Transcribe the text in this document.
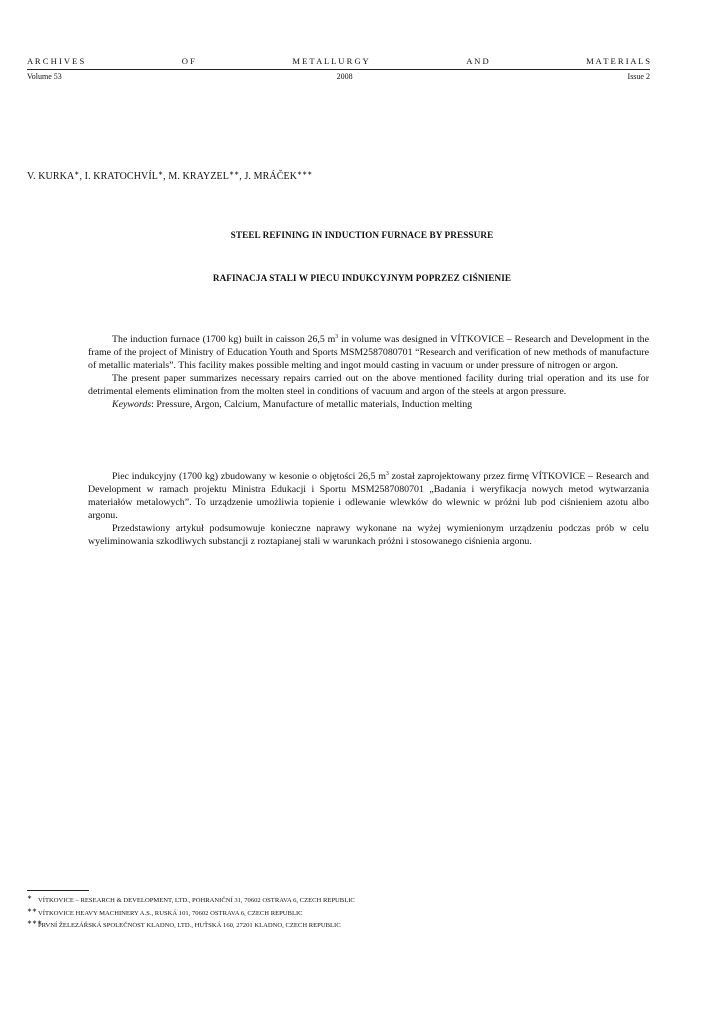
A R C H I V E S	O F	M E T A L L U R G Y	A N D	M A T E R I A L S
Volume 53	2008	Issue 2
V. KURKA∗, I. KRATOCHVÍL∗, M. KRAYZEL∗∗, J. MRÁČEK∗∗∗
STEEL REFINING IN INDUCTION FURNACE BY PRESSURE
RAFINACJA STALI W PIECU INDUKCYJNYM POPRZEZ CIŚNIENIE

The induction furnace (1700 kg) built in caisson 26,5 $m^3$ in volume was designed in VÍTKOVICE – Research and Development in the frame of the project of Ministry of Education Youth and Sports MSM2587080701 “Research and verification of new methods of manufacture of metallic materials”. This facility makes possible melting and ingot mould casting in vacuum or under pressure of nitrogen or argon.

The present paper summarizes necessary repairs carried out on the above mentioned facility during trial operation and its use for detrimental elements elimination from the molten steel in conditions of vacuum and argon of the steels at argon pressure.

Keywords: Pressure, Argon, Calcium, Manufacture of metallic materials, Induction melting

Piec indukcyjny (1700 kg) zbudowany w kesonie o objętości 26,5 $m^3$ został zaprojektowany przez firmę VÍTKOVICE – Research and Development w ramach projektu Ministra Edukacji i Sportu MSM2587080701 „Badania i weryfikacja nowych metod wytwarzania materiałów metalowych”. To urządzenie umożliwia topienie i odlewanie wlewków do wlewnic w próżni lub pod ciśnieniem azotu albo argonu.

Przedstawiony artykuł podsumowuje konieczne naprawy wykonane na wyżej wymienionym urządzeniu podczas prób w celu wyeliminowania szkodliwych substancji z roztapianej stali w warunkach próżni i stosowanego ciśnienia argonu.

∗ VÍTKOVICE – RESEARCH & DEVELOPMENT, LTD., POHRANIČNÍ 31, 70602 OSTRAVA 6, CZECH REPUBLIC
∗∗ VÍTKOVICE HEAVY MACHINERY A.S., RUSKÁ 101, 70602 OSTRAVA 6, CZECH REPUBLIC
∗∗∗
PRVNÍ ŽELEZÁŘSKÁ SPOLEČNOST KLADNO, LTD., HUŤSKÁ 160, 27201 KLADNO, CZECH REPUBLIC
